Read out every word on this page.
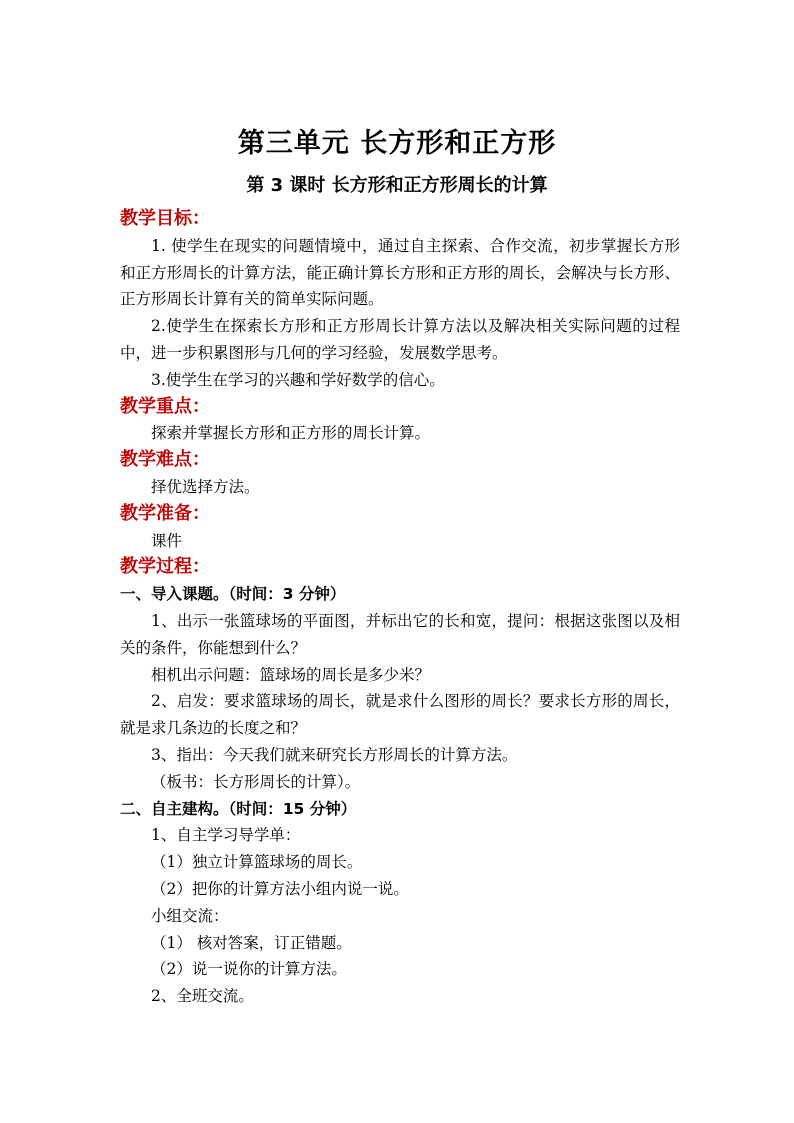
第三单元 长方形和正方形
第 3 课时 长方形和正方形周长的计算
教学目标：

1. 使学生在现实的问题情境中，通过自主探索、合作交流，初步掌握长方形和正方形周长的计算方法，能正确计算长方形和正方形的周长，会解决与长方形、正方形周长计算有关的简单实际问题。

2.使学生在探索长方形和正方形周长计算方法以及解决相关实际问题的过程中，进一步积累图形与几何的学习经验，发展数学思考。

3.使学生在学习的兴趣和学好数学的信心。

教学重点：
探索并掌握长方形和正方形的周长计算。
教学难点：
择优选择方法。
教学准备：
课件
教学过程：
一、导入课题。（时间：3 分钟）

1、出示一张篮球场的平面图，并标出它的长和宽，提问：根据这张图以及相关的条件，你能想到什么？

相机出示问题：篮球场的周长是多少米？

2、启发：要求篮球场的周长，就是求什么图形的周长？要求长方形的周长，就是求几条边的长度之和？

3、指出：今天我们就来研究长方形周长的计算方法。
（板书：长方形周长的计算）。
二、自主建构。（时间：15 分钟）
1、自主学习导学单：
（1）独立计算篮球场的周长。
（2）把你的计算方法小组内说一说。
小组交流：
（1） 核对答案，订正错题。
（2）说一说你的计算方法。
2、全班交流。
